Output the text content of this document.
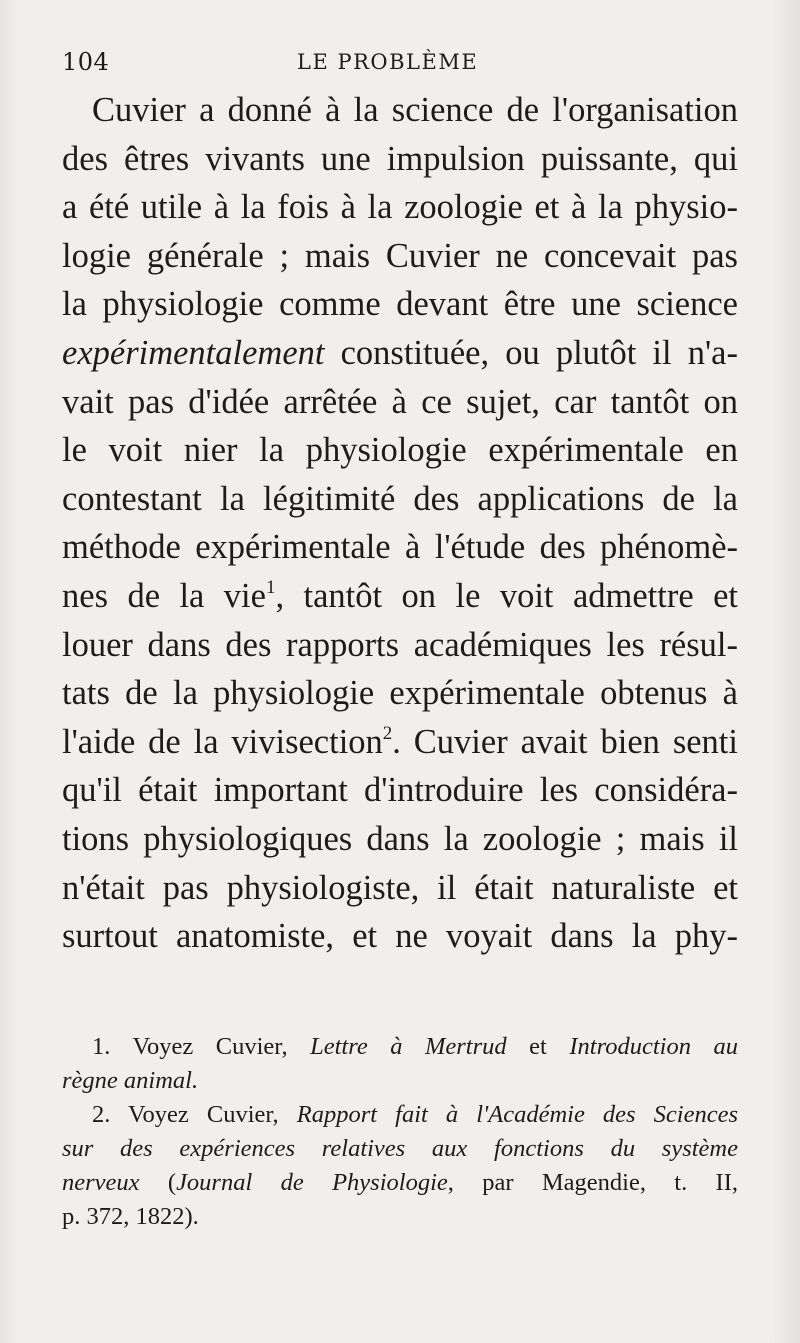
104	LE PROBLÈME
Cuvier a donné à la science de l'organisation
des êtres vivants une impulsion puissante, qui
a été utile à la fois à la zoologie et à la physio-
logie générale ; mais Cuvier ne concevait pas
la physiologie comme devant être une science
expérimentalement constituée, ou plutôt il n'a-
vait pas d'idée arrêtée à ce sujet, car tantôt on
le voit nier la physiologie expérimentale en
contestant la légitimité des applications de la
méthode expérimentale à l'étude des phénomè-
nes de la vie$^1$, tantôt on le voit admettre et
louer dans des rapports académiques les résul-
tats de la physiologie expérimentale obtenus à
l'aide de la vivisection$^2$. Cuvier avait bien senti
qu'il était important d'introduire les considéra-
tions physiologiques dans la zoologie ; mais il
n'était pas physiologiste, il était naturaliste et
surtout anatomiste, et ne voyait dans la phy-
1. Voyez Cuvier, Lettre à Mertrud et Introduction au
règne animal.
2. Voyez Cuvier, Rapport fait à l'Académie des Sciences
sur des expériences relatives aux fonctions du système
nerveux (Journal de Physiologie, par Magendie, t. II,
p. 372, 1822).
